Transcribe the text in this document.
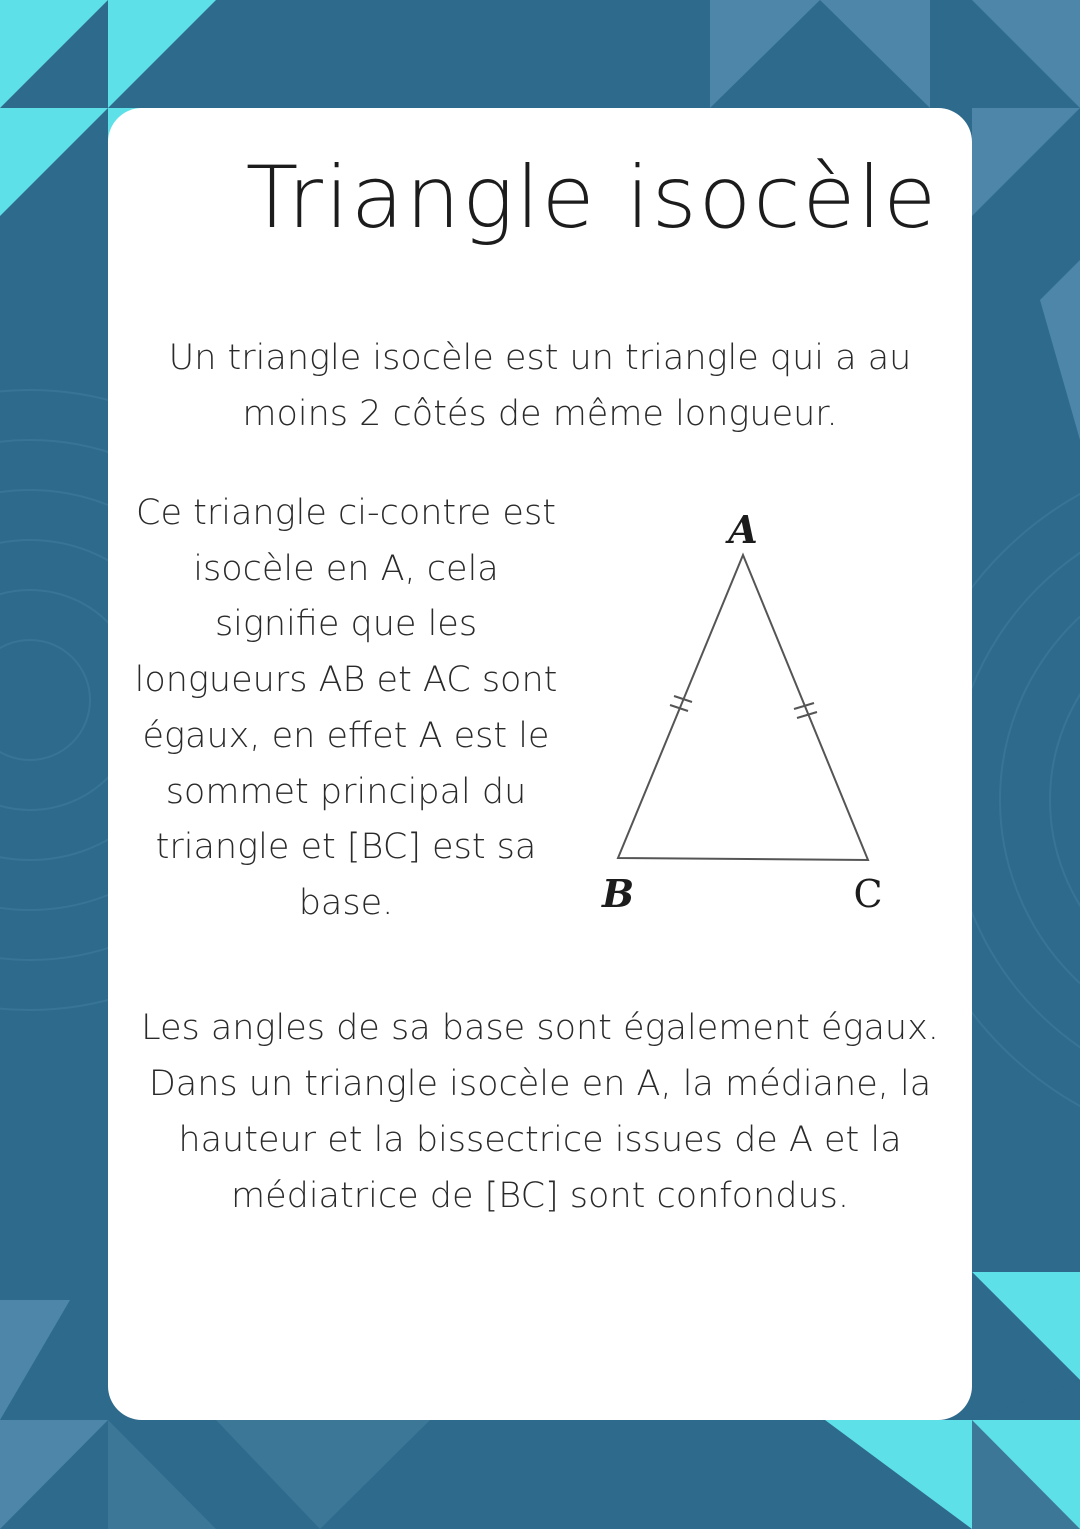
Triangle isocèle

Un triangle isocèle est un triangle qui a au moins 2 côtés de même longueur.

Ce triangle ci-contre est isocèle en A, cela signifie que les longueurs AB et AC sont égaux, en effet A est le sommet principal du triangle et [BC] est sa base.

A
B	C

Les angles de sa base sont également égaux. Dans un triangle isocèle en A, la médiane, la hauteur et la bissectrice issues de A et la médiatrice de [BC] sont confondus.
